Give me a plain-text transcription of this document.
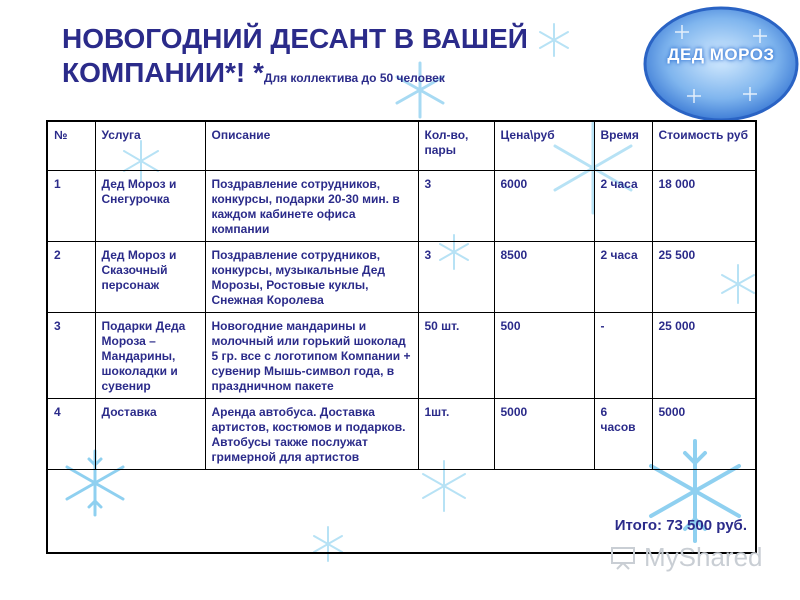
НОВОГОДНИЙ ДЕСАНТ В ВАШЕЙ КОМПАНИИ*! *Для коллектива до 50 человек
ДЕД МОРОЗ
№	Услуга	Описание	Кол-во, пары	Цена\руб	Время	Стоимость руб
1	Дед Мороз и Снегурочка	Поздравление сотрудников, конкурсы, подарки 20-30 мин. в каждом кабинете офиса компании	3	6000	2 часа	18 000
2	Дед Мороз и Сказочный персонаж	Поздравление сотрудников, конкурсы, музыкальные Дед Морозы, Ростовые куклы, Снежная Королева	3	8500	2 часа	25 500
3	Подарки Деда Мороза – Мандарины, шоколадки и сувенир	Новогодние мандарины и молочный или горький шоколад 5 гр. все с логотипом Компании + сувенир Мышь-символ года, в праздничном пакете	50 шт.	500	-	25 000
4	Доставка	Аренда автобуса. Доставка артистов, костюмов и подарков. Автобусы также послужат гримерной для артистов	1шт.	5000	6 часов	5000
Итого: 73 500 руб.
MyShared
